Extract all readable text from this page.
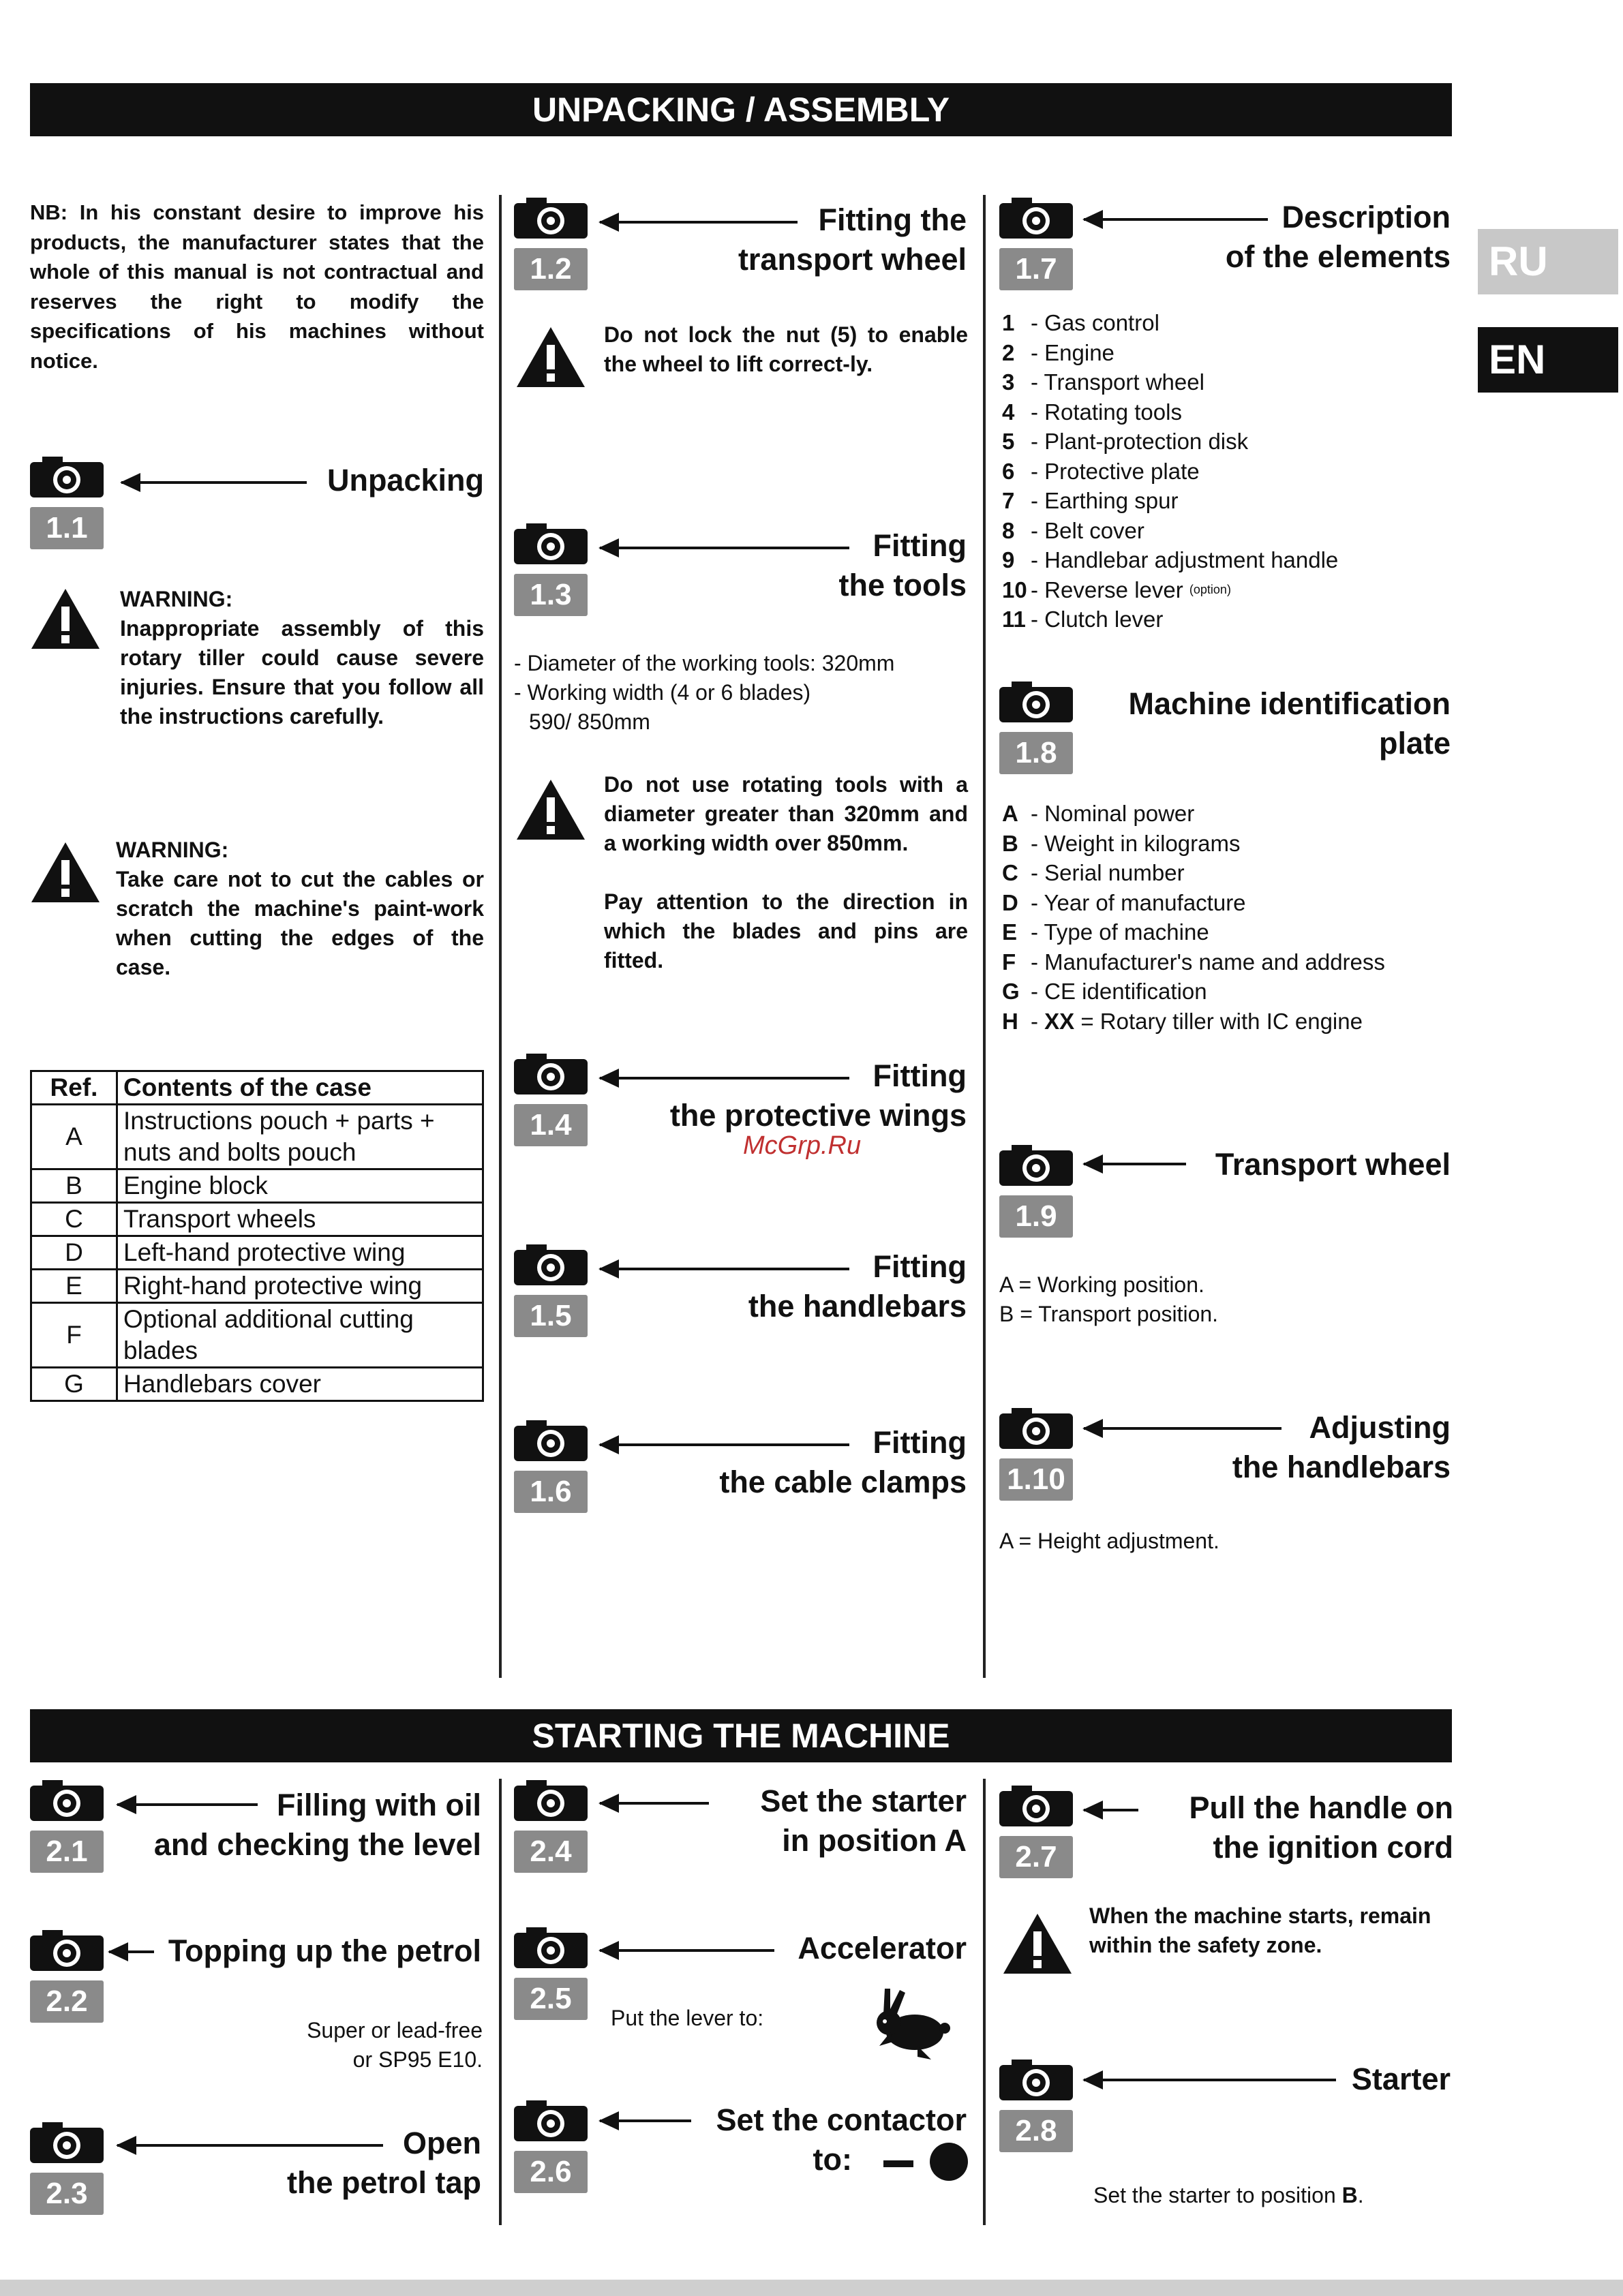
UNPACKING / ASSEMBLY
STARTING THE MACHINE
RU
EN
NB: In his constant desire to improve his products, the manufacturer states that the whole of this manual is not contractual and reserves the right to modify the specifications of his machines without notice.
1.1
Unpacking
WARNING:
Inappropriate assembly of this rotary tiller could cause severe injuries. Ensure that you follow all the instructions carefully.
WARNING:
Take care not to cut the cables or scratch the machine's paint-work when cutting the edges of the case.
Ref.	Contents of the case
A	Instructions pouch + parts + nuts and bolts pouch
B	Engine block
C	Transport wheels
D	Left-hand protective wing
E	Right-hand protective wing
F	Optional additional cutting blades
G	Handlebars cover
1.2
Fitting the
transport wheel
Do not lock the nut (5) to enable the wheel to lift correct-ly.
1.3
Fitting
the tools
- Diameter of the working tools: 320mm
- Working width (4 or 6 blades)
590/ 850mm
Do not use rotating tools with a diameter greater than 320mm and a working width over 850mm.
Pay attention to the direction in which the blades and pins are fitted.
1.4
Fitting
the protective wings
McGrp.Ru
1.5
Fitting
the handlebars
1.6
Fitting
the cable clamps
1.7
Description
of the elements
1 - Gas control
2 - Engine
3 - Transport wheel
4 - Rotating tools
5 - Plant-protection disk
6 - Protective plate
7 - Earthing spur
8 - Belt cover
9 - Handlebar adjustment handle
10 - Reverse lever
(option)
11 - Clutch lever
1.8
Machine identification
plate
A - Nominal power
B - Weight in kilograms
C - Serial number
D - Year of manufacture
E - Type of machine
F - Manufacturer's name and address
G - CE identification
H - XX = Rotary tiller with IC engine
1.9
Transport wheel
A = Working position.
B = Transport position.
1.10
Adjusting
the handlebars
A = Height adjustment.
2.1
Filling with oil
and checking the level
2.2
Topping up the petrol
Super or lead-free
or SP95 E10.
2.3
Open
the petrol tap
2.4
Set the starter
in position A
2.5
Accelerator
Put the lever to:
2.6
Set the contactor
to:
2.7
Pull the handle on
the ignition cord
When the machine starts, remain within the safety zone.
2.8
Starter
Set the starter to position B.
